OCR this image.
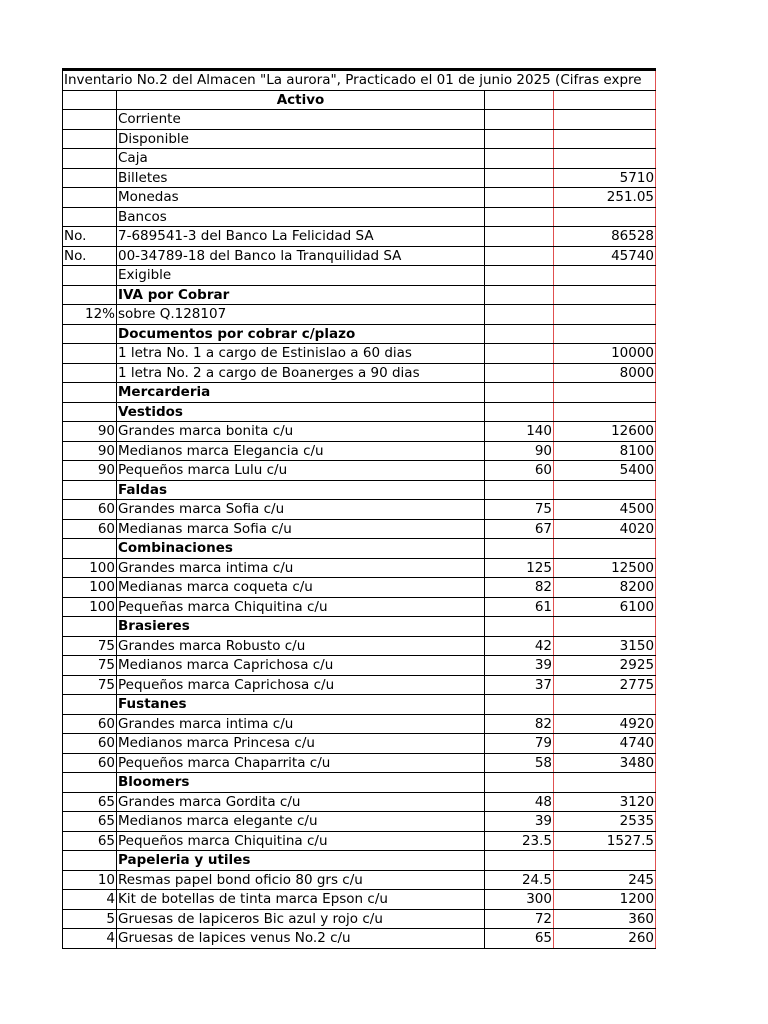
Inventario No.2 del Almacen "La aurora", Practicado el 01 de junio 2025 (Cifras expre			
	Activo		
	Corriente		
	Disponible		
	Caja		
	Billetes		5710
	Monedas		251.05
	Bancos		
No.	7-689541-3 del Banco La Felicidad SA		86528
No.	00-34789-18 del Banco la Tranquilidad SA		45740
	Exigible		
	IVA por Cobrar		
12%	sobre Q.128107		
	Documentos por cobrar c/plazo		
	1 letra No. 1 a cargo de Estinislao a 60 dias		10000
	1 letra No. 2 a cargo de Boanerges a 90 dias		8000
	Mercarderia		
	Vestidos		
90	Grandes marca bonita c/u	140	12600
90	Medianos marca Elegancia c/u	90	8100
90	Pequeños marca Lulu c/u	60	5400
	Faldas		
60	Grandes marca Sofia c/u	75	4500
60	Medianas marca Sofia c/u	67	4020
	Combinaciones		
100	Grandes marca intima c/u	125	12500
100	Medianas marca coqueta c/u	82	8200
100	Pequeñas marca Chiquitina c/u	61	6100
	Brasieres		
75	Grandes marca Robusto c/u	42	3150
75	Medianos marca Caprichosa c/u	39	2925
75	Pequeños marca Caprichosa c/u	37	2775
	Fustanes		
60	Grandes marca intima c/u	82	4920
60	Medianos marca Princesa c/u	79	4740
60	Pequeños marca Chaparrita c/u	58	3480
	Bloomers		
65	Grandes marca Gordita c/u	48	3120
65	Medianos marca elegante c/u	39	2535
65	Pequeños marca Chiquitina c/u	23.5	1527.5
	Papeleria y utiles		
10	Resmas papel bond oficio 80 grs c/u	24.5	245
4	Kit de botellas de tinta marca Epson c/u	300	1200
5	Gruesas de lapiceros Bic azul y rojo c/u	72	360
4	Gruesas de lapices venus No.2 c/u	65	260
